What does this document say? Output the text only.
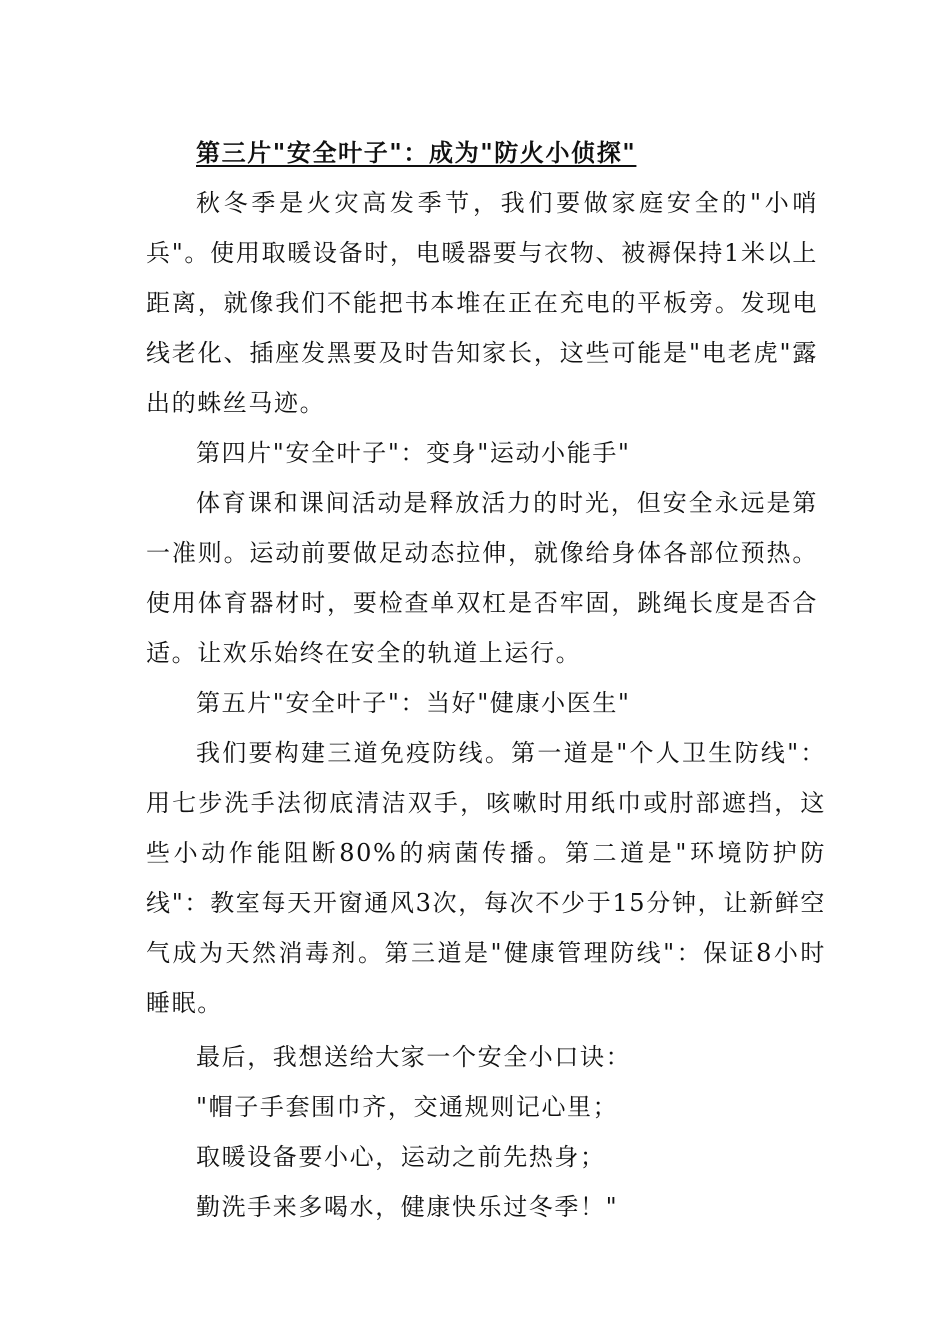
第三片"安全叶子"：成为"防火小侦探"

秋冬季是火灾高发季节，我们要做家庭安全的"小哨兵"。使用取暖设备时，电暖器要与衣物、被褥保持1米以上距离，就像我们不能把书本堆在正在充电的平板旁。发现电线老化、插座发黑要及时告知家长，这些可能是"电老虎"露出的蛛丝马迹。

第四片"安全叶子"：变身"运动小能手"

体育课和课间活动是释放活力的时光，但安全永远是第一准则。运动前要做足动态拉伸，就像给身体各部位预热。使用体育器材时，要检查单双杠是否牢固，跳绳长度是否合适。让欢乐始终在安全的轨道上运行。

第五片"安全叶子"：当好"健康小医生"

我们要构建三道免疫防线。第一道是"个人卫生防线"：用七步洗手法彻底清洁双手，咳嗽时用纸巾或肘部遮挡，这些小动作能阻断80%的病菌传播。第二道是"环境防护防线"：教室每天开窗通风3次，每次不少于15分钟，让新鲜空气成为天然消毒剂。第三道是"健康管理防线"：保证8小时睡眠。

最后，我想送给大家一个安全小口诀：

"帽子手套围巾齐，交通规则记心里；

取暖设备要小心，运动之前先热身；

勤洗手来多喝水，健康快乐过冬季！"
